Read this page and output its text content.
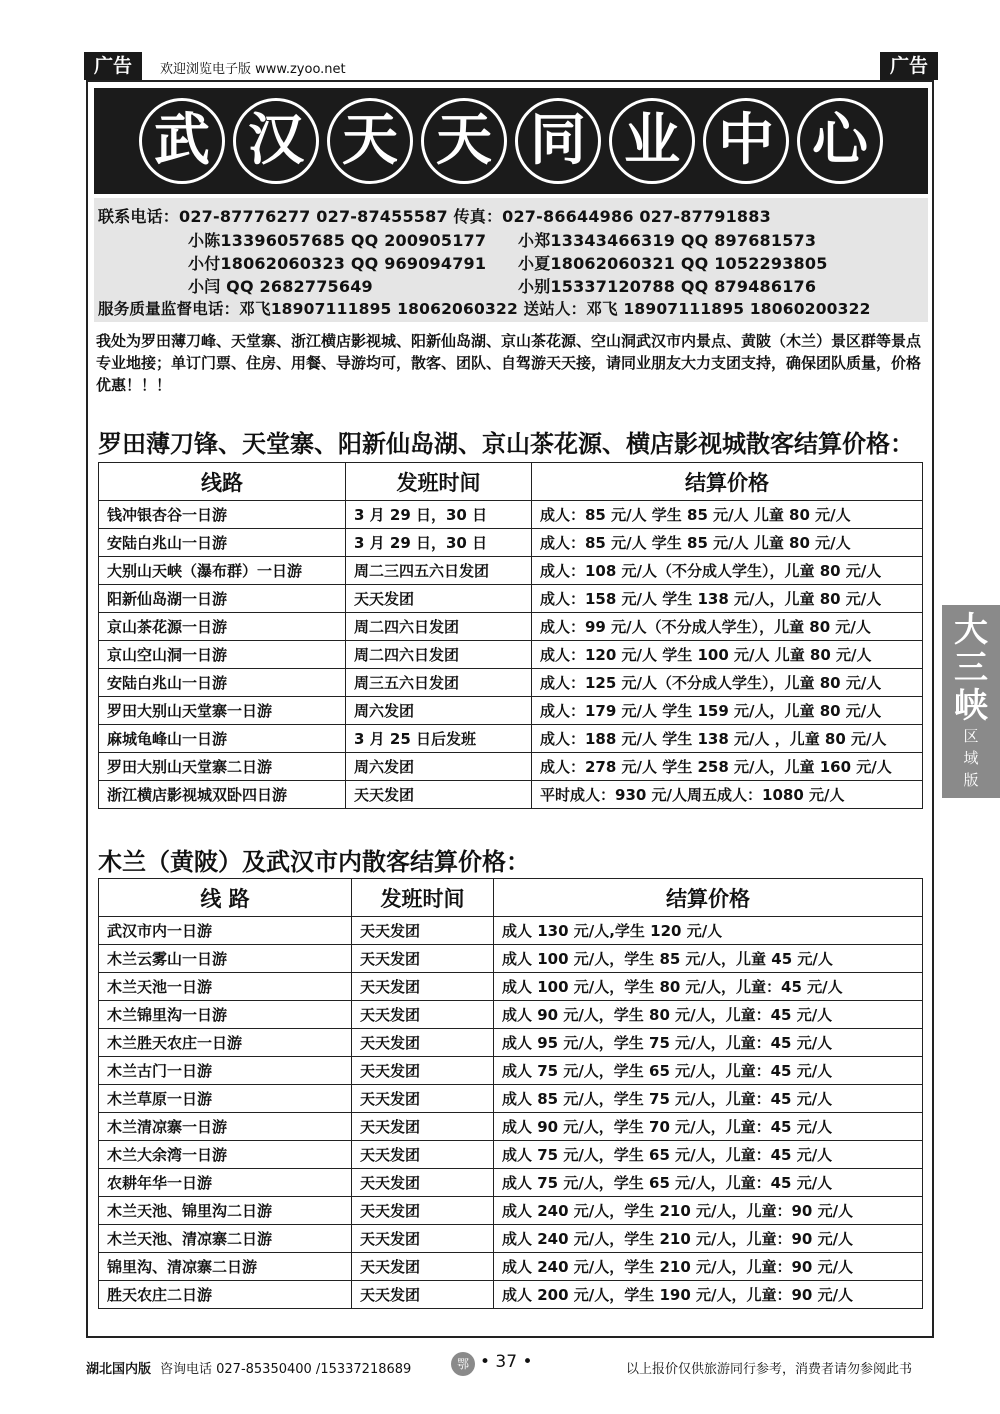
广告	欢迎浏览电子版 www.zyoo.net	广告
武 汉 天 天 同 业 中 心
联系电话：027-87776277 027-87455587 传真：027-86644986 027-87791883
小陈13396057685 QQ 200905177 小郑13343466319 QQ 897681573
小付18062060323 QQ 969094791 小夏18062060321 QQ 1052293805
小闫 QQ 2682775649	小别15337120788 QQ 879486176
服务质量监督电话：邓飞18907111895 18062060322 送站人：邓飞 18907111895 18060200322
我处为罗田薄刀峰、天堂寨、浙江横店影视城、阳新仙岛湖、京山茶花源、空山洞武汉市内景点、黄陂（木兰）景区群等景点专业地接；单订门票、住房、用餐、导游均可，散客、团队、自驾游天天接，请同业朋友大力支团支持，确保团队质量，价格优惠！！！
罗田薄刀锋、天堂寨、阳新仙岛湖、京山茶花源、横店影视城散客结算价格：
线路	发班时间	结算价格
钱冲银杏谷一日游	3 月 29 日，30 日	成人：85 元/人 学生 85 元/人 儿童 80 元/人
安陆白兆山一日游	3 月 29 日，30 日	成人：85 元/人 学生 85 元/人 儿童 80 元/人
大别山天峡（瀑布群）一日游	周二三四五六日发团	成人：108 元/人（不分成人学生），儿童 80 元/人
阳新仙岛湖一日游	天天发团	成人：158 元/人 学生 138 元/人，儿童 80 元/人
京山茶花源一日游	周二四六日发团	成人：99 元/人（不分成人学生），儿童 80 元/人
京山空山洞一日游	周二四六日发团	成人：120 元/人 学生 100 元/人 儿童 80 元/人
安陆白兆山一日游	周三五六日发团	成人：125 元/人（不分成人学生），儿童 80 元/人
罗田大别山天堂寨一日游	周六发团	成人：179 元/人 学生 159 元/人，儿童 80 元/人
麻城龟峰山一日游	3 月 25 日后发班	成人：188 元/人 学生 138 元/人 ，儿童 80 元/人
罗田大别山天堂寨二日游	周六发团	成人：278 元/人 学生 258 元/人，儿童 160 元/人
浙江横店影视城双卧四日游	天天发团	平时成人：930 元/人周五成人：1080 元/人
木兰（黄陂）及武汉市内散客结算价格：
线 路	发班时间	结算价格
武汉市内一日游	天天发团	成人 130 元/人,学生 120 元/人
木兰云雾山一日游	天天发团	成人 100 元/人，学生 85 元/人，儿童 45 元/人
木兰天池一日游	天天发团	成人 100 元/人，学生 80 元/人，儿童：45 元/人
木兰锦里沟一日游	天天发团	成人 90 元/人，学生 80 元/人，儿童：45 元/人
木兰胜天农庄一日游	天天发团	成人 95 元/人，学生 75 元/人，儿童：45 元/人
木兰古门一日游	天天发团	成人 75 元/人，学生 65 元/人，儿童：45 元/人
木兰草原一日游	天天发团	成人 85 元/人，学生 75 元/人，儿童：45 元/人
木兰清凉寨一日游	天天发团	成人 90 元/人，学生 70 元/人，儿童：45 元/人
木兰大余湾一日游	天天发团	成人 75 元/人，学生 65 元/人，儿童：45 元/人
农耕年华一日游	天天发团	成人 75 元/人，学生 65 元/人，儿童：45 元/人
木兰天池、锦里沟二日游	天天发团	成人 240 元/人，学生 210 元/人，儿童：90 元/人
木兰天池、清凉寨二日游	天天发团	成人 240 元/人，学生 210 元/人，儿童：90 元/人
锦里沟、清凉寨二日游	天天发团	成人 240 元/人，学生 210 元/人，儿童：90 元/人
胜天农庄二日游	天天发团	成人 200 元/人，学生 190 元/人，儿童：90 元/人
大
三
峡
区
域
版
湖北国内版 咨询电话 027-85350400 /15337218689	鄂 • 37 •	以上报价仅供旅游同行参考，消费者请勿参阅此书
